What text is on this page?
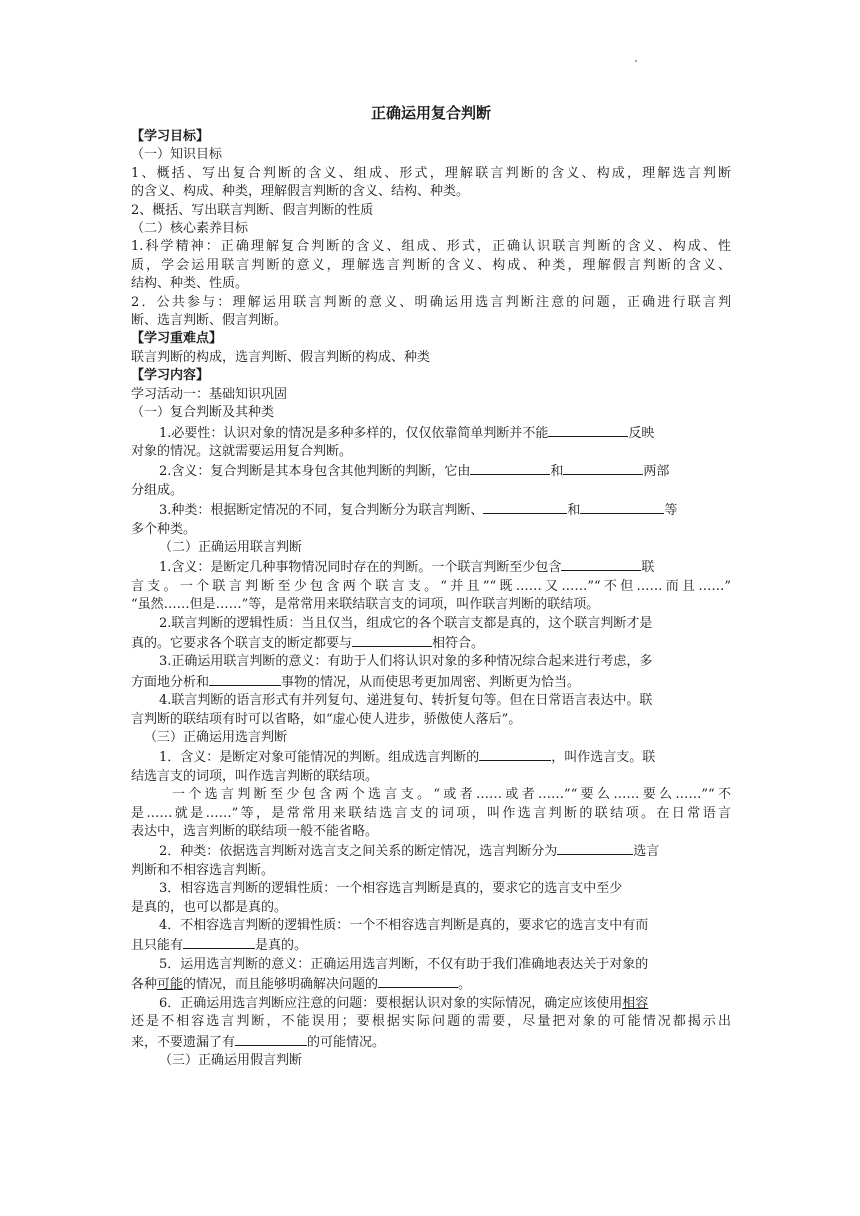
正确运用复合判断
【学习目标】
（一）知识目标
1、概括、写出复合判断的含义、组成、形式，理解联言判断的含义、构成，理解选言判断
的含义、构成、种类，理解假言判断的含义、结构、种类。
2、概括、写出联言判断、假言判断的性质
（二）核心素养目标
1.科学精神：正确理解复合判断的含义、组成、形式，正确认识联言判断的含义、构成、性
质，学会运用联言判断的意义，理解选言判断的含义、构成、种类，理解假言判断的含义、
结构、种类、性质。
2．公共参与：理解运用联言判断的意义、明确运用选言判断注意的问题，正确进行联言判
断、选言判断、假言判断。
【学习重难点】
联言判断的构成，选言判断、假言判断的构成、种类
【学习内容】
学习活动一：基础知识巩固
（一）复合判断及其种类
1.必要性：认识对象的情况是多种多样的，仅仅依靠简单判断并不能	反映
对象的情况。这就需要运用复合判断。
2.含义：复合判断是其本身包含其他判断的判断，它由	和	两部
分组成。
3.种类：根据断定情况的不同，复合判断分为联言判断、	和	等
多个种类。
（二）正确运用联言判断
1.含义：是断定几种事物情况同时存在的判断。一个联言判断至少包含	联
言支。一个联言判断至少包含两个联言支。“并且”“既……又……”“不但……而且……”
“虽然……但是……”等，是常常用来联结联言支的词项，叫作联言判断的联结项。
2.联言判断的逻辑性质：当且仅当，组成它的各个联言支都是真的，这个联言判断才是
真的。它要求各个联言支的断定都要与	相符合。
3.正确运用联言判断的意义：有助于人们将认识对象的多种情况综合起来进行考虑，多
方面地分析和	事物的情况，从而使思考更加周密、判断更为恰当。
4.联言判断的语言形式有并列复句、递进复句、转折复句等。但在日常语言表达中。联
言判断的联结项有时可以省略，如“虚心使人进步，骄傲使人落后”。
（三）正确运用选言判断
1．含义：是断定对象可能情况的判断。组成选言判断的	，叫作选言支。联
结选言支的词项，叫作选言判断的联结项。
一个选言判断至少包含两个选言支。“或者……或者……”“要么……要么……”“不
是……就是……”等，是常常用来联结选言支的词项，叫作选言判断的联结项。在日常语言
表达中，选言判断的联结项一般不能省略。
2．种类：依据选言判断对选言支之间关系的断定情况，选言判断分为	选言
判断和不相容选言判断。
3．相容选言判断的逻辑性质：一个相容选言判断是真的，要求它的选言支中至少
是真的，也可以都是真的。
4．不相容选言判断的逻辑性质：一个不相容选言判断是真的，要求它的选言支中有而
且只能有	是真的。
5．运用选言判断的意义：正确运用选言判断，不仅有助于我们准确地表达关于对象的
各种可能的情况，而且能够明确解决问题的	。
6．正确运用选言判断应注意的问题：要根据认识对象的实际情况，确定应该使用相容
还是不相容选言判断，不能误用；要根据实际问题的需要，尽量把对象的可能情况都揭示出
来，不要遗漏了有	的可能情况。
（三）正确运用假言判断
